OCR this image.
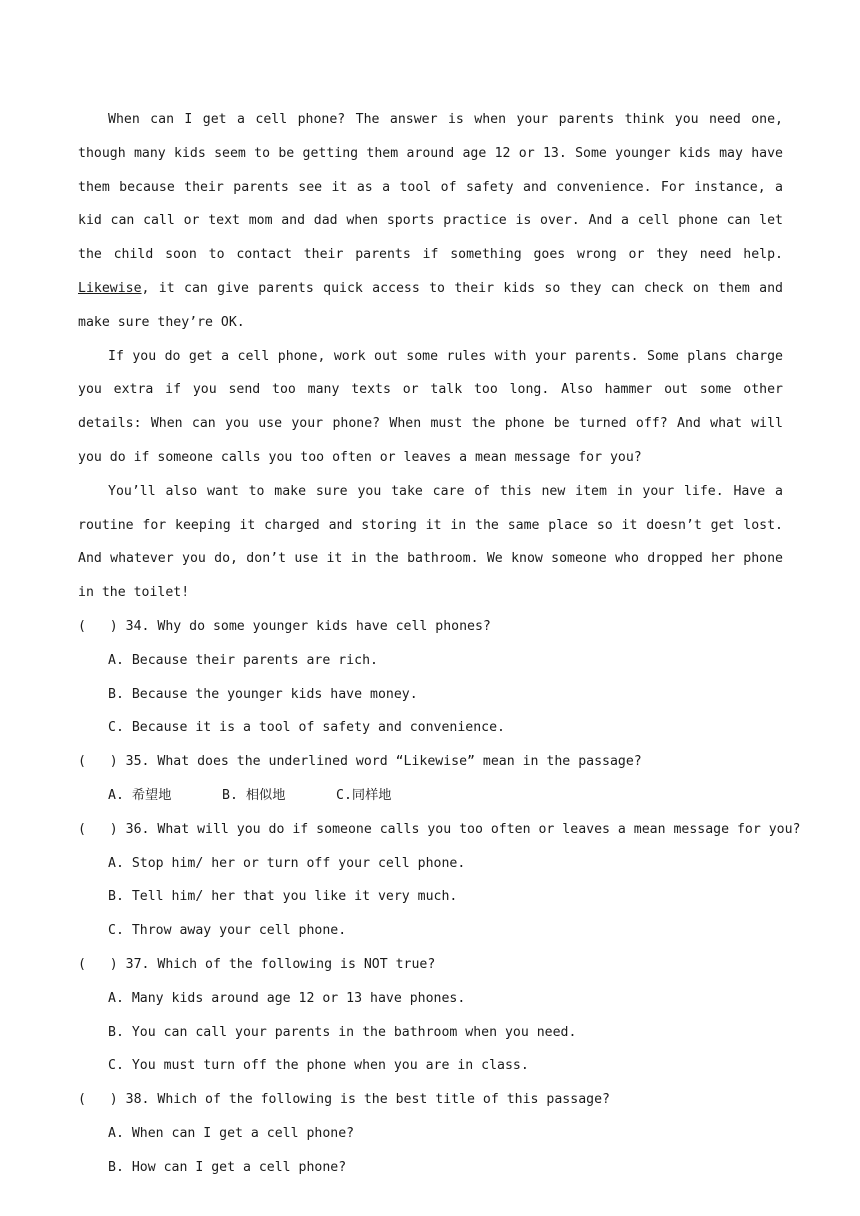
When can I get a cell phone? The answer is when your parents think you need one, though many kids seem to be getting them around age 12 or 13. Some younger kids may have them because their parents see it as a tool of safety and convenience. For instance, a kid can call or text mom and dad when sports practice is over. And a cell phone can let the child soon to contact their parents if something goes wrong or they need help. Likewise, it can give parents quick access to their kids so they can check on them and make sure they’re OK.

If you do get a cell phone, work out some rules with your parents. Some plans charge you extra if you send too many texts or talk too long. Also hammer out some other details: When can you use your phone? When must the phone be turned off? And what will you do if someone calls you too often or leaves a mean message for you?

You’ll also want to make sure you take care of this new item in your life. Have a routine for keeping it charged and storing it in the same place so it doesn’t get lost. And whatever you do, don’t use it in the bathroom. We know someone who dropped her phone in the toilet!

(   ) 34. Why do some younger kids have cell phones?

A. Because their parents are rich.

B. Because the younger kids have money.

C. Because it is a tool of safety and convenience.

(   ) 35. What does the underlined word “Likewise” mean in the passage?

A. 希望地	B. 相似地	C.同样地

(   ) 36. What will you do if someone calls you too often or leaves a mean message for you?

A. Stop him/ her or turn off your cell phone.

B. Tell him/ her that you like it very much.

C. Throw away your cell phone.

(   ) 37. Which of the following is NOT true?

A. Many kids around age 12 or 13 have phones.

B. You can call your parents in the bathroom when you need.

C. You must turn off the phone when you are in class.

(   ) 38. Which of the following is the best title of this passage?

A. When can I get a cell phone?

B. How can I get a cell phone?
